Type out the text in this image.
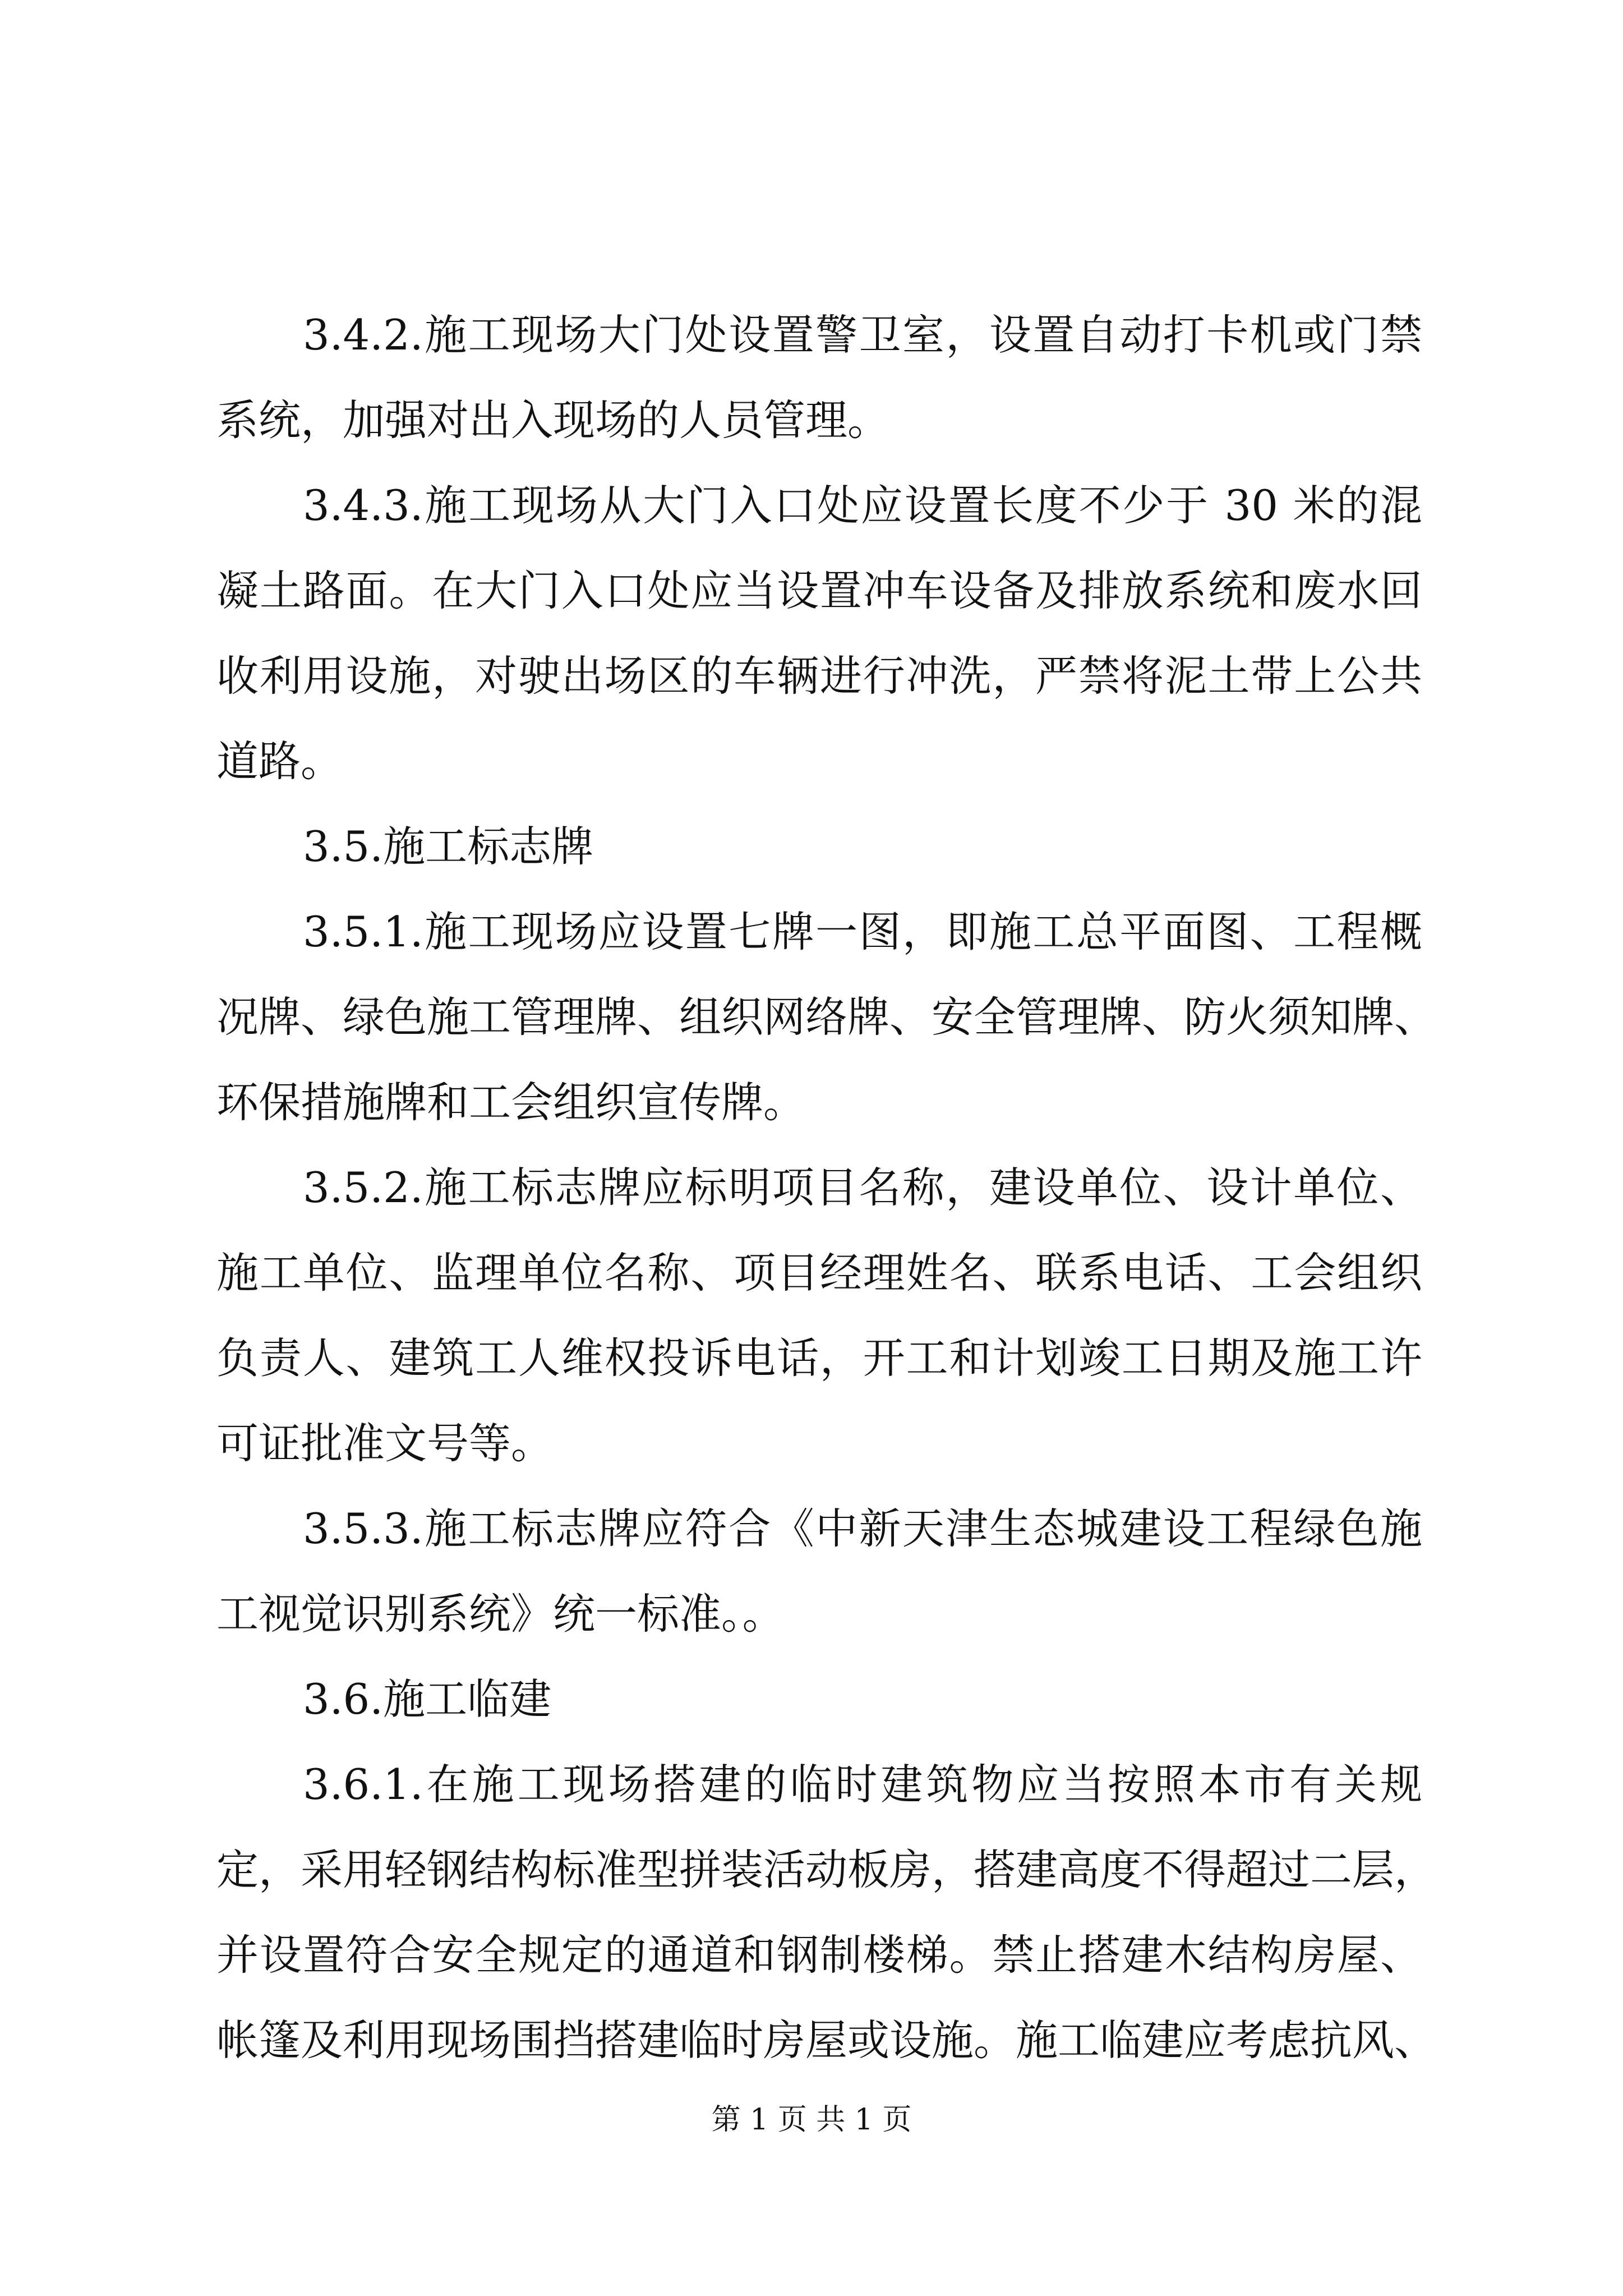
3.4.2.施工现场大门处设置警卫室，设置自动打卡机或门禁
系统，加强对出入现场的人员管理。
3.4.3.施工现场从大门入口处应设置长度不少于 30 米的混
凝土路面。在大门入口处应当设置冲车设备及排放系统和废水回
收利用设施，对驶出场区的车辆进行冲洗，严禁将泥土带上公共
道路。
3.5.施工标志牌
3.5.1.施工现场应设置七牌一图，即施工总平面图、工程概
况牌、绿色施工管理牌、组织网络牌、安全管理牌、防火须知牌、
环保措施牌和工会组织宣传牌。
3.5.2.施工标志牌应标明项目名称，建设单位、设计单位、
施工单位、监理单位名称、项目经理姓名、联系电话、工会组织
负责人、建筑工人维权投诉电话，开工和计划竣工日期及施工许
可证批准文号等。
3.5.3.施工标志牌应符合《中新天津生态城建设工程绿色施
工视觉识别系统》统一标准。。
3.6.施工临建
3.6.1.在施工现场搭建的临时建筑物应当按照本市有关规
定，采用轻钢结构标准型拼装活动板房，搭建高度不得超过二层，
并设置符合安全规定的通道和钢制楼梯。禁止搭建木结构房屋、
帐篷及利用现场围挡搭建临时房屋或设施。施工临建应考虑抗风、
第 1 页 共 1 页
